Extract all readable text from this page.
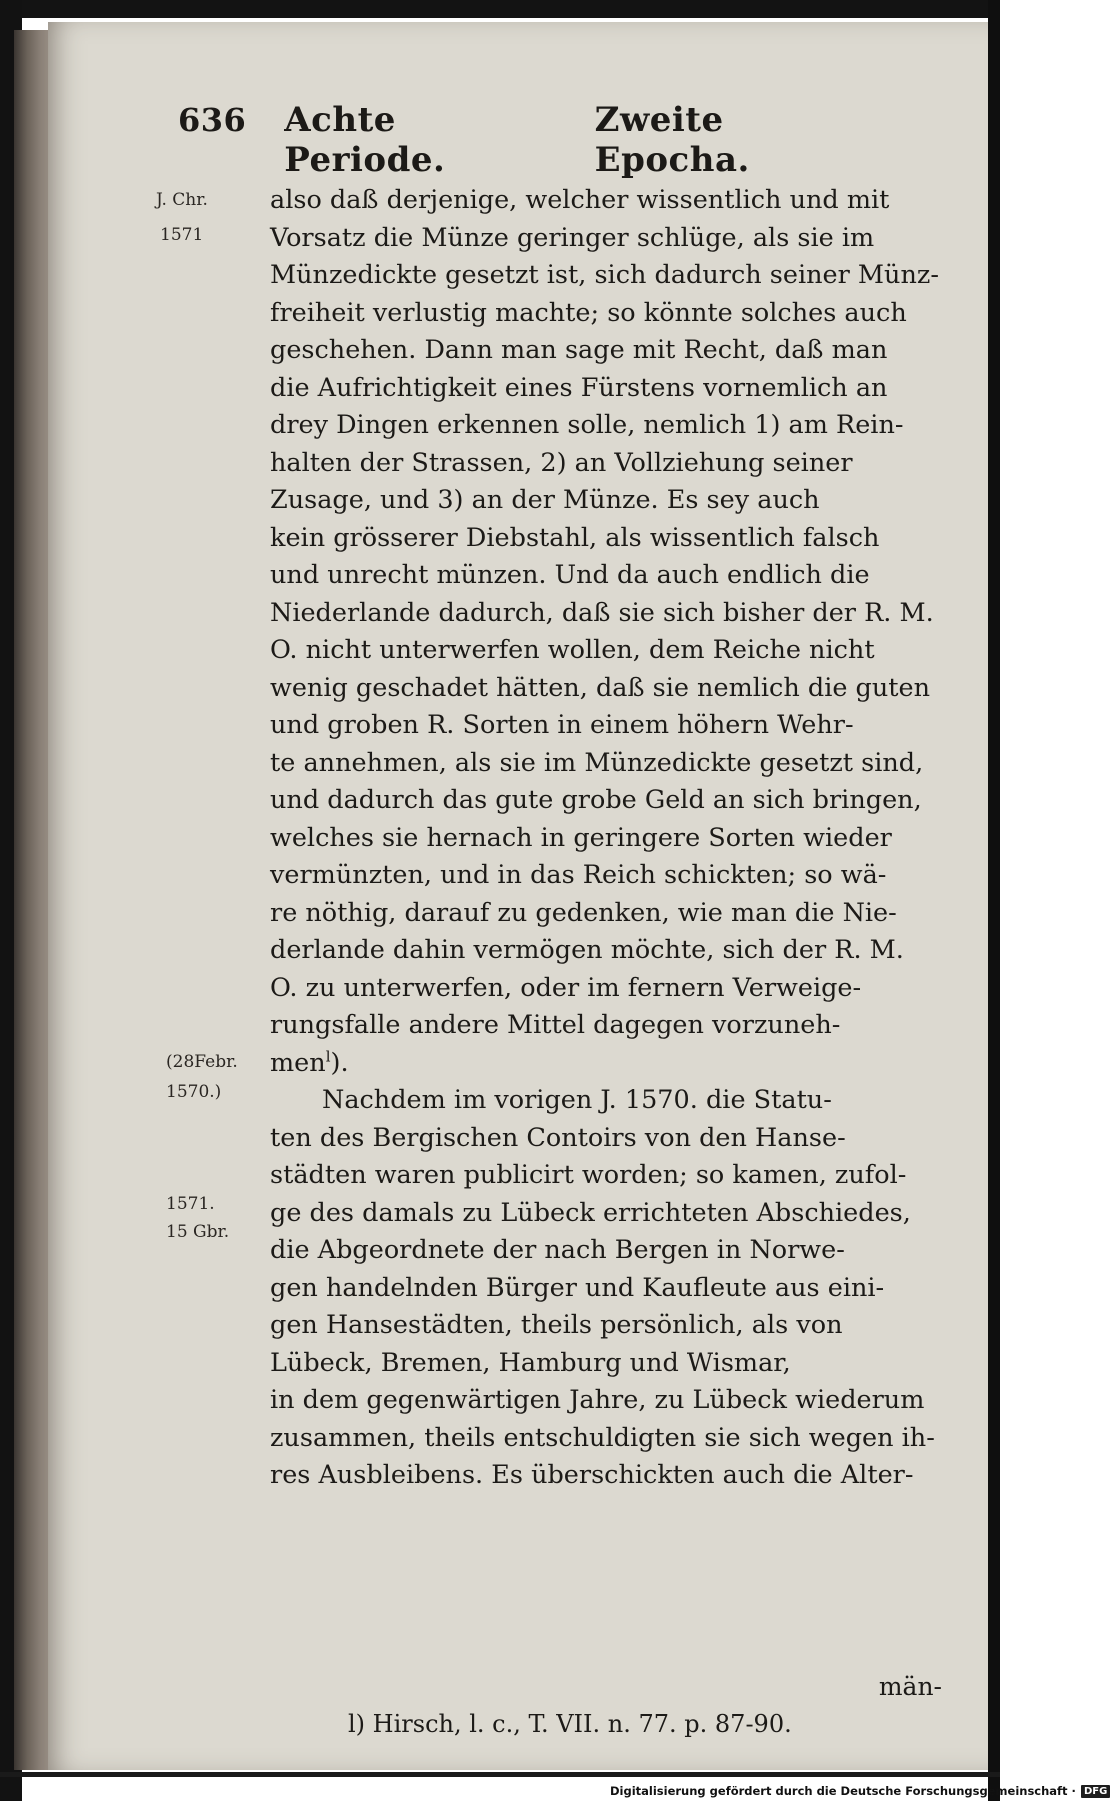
636 Achte Periode.
Zweite Epocha.
J. Chr.
1571
(28Febr.
1570.)
1571.
15 Gbr.
also daß derjenige, welcher wissentlich und mit
Vorsatz die Münze geringer schlüge, als sie im
Münzedickte gesetzt ist, sich dadurch seiner Münz-
freiheit verlustig machte; so könnte solches auch
geschehen. Dann man sage mit Recht, daß man
die Aufrichtigkeit eines Fürstens vornemlich an
drey Dingen erkennen solle, nemlich 1) am Rein-
halten der Strassen, 2) an Vollziehung seiner
Zusage, und 3) an der Münze. Es sey auch
kein grösserer Diebstahl, als wissentlich falsch
und unrecht münzen. Und da auch endlich die
Niederlande dadurch, daß sie sich bisher der R. M.
O. nicht unterwerfen wollen, dem Reiche nicht
wenig geschadet hätten, daß sie nemlich die guten
und groben R. Sorten in einem höhern Wehr-
te annehmen, als sie im Münzedickte gesetzt sind,
und dadurch das gute grobe Geld an sich bringen,
welches sie hernach in geringere Sorten wieder
vermünzten, und in das Reich schickten; so wä-
re nöthig, darauf zu gedenken, wie man die Nie-
derlande dahin vermögen möchte, sich der R. M.
O. zu unterwerfen, oder im fernern Verweige-
rungsfalle andere Mittel dagegen vorzuneh-
men$^l$).
Nachdem im vorigen J. 1570. die Statu-
ten des Bergischen Contoirs von den Hanse-
städten waren publicirt worden; so kamen, zufol-
ge des damals zu Lübeck errichteten Abschiedes,
die Abgeordnete der nach Bergen in Norwe-
gen handelnden Bürger und Kaufleute aus eini-
gen Hansestädten, theils persönlich, als von
Lübeck, Bremen, Hamburg und Wismar,
in dem gegenwärtigen Jahre, zu Lübeck wiederum
zusammen, theils entschuldigten sie sich wegen ih-
res Ausbleibens. Es überschickten auch die Alter-
män-
l) Hirsch, l. c., T. VII. n. 77. p. 87-90.
Digitalisierung gefördert durch die Deutsche Forschungsgemeinschaft · DFG
